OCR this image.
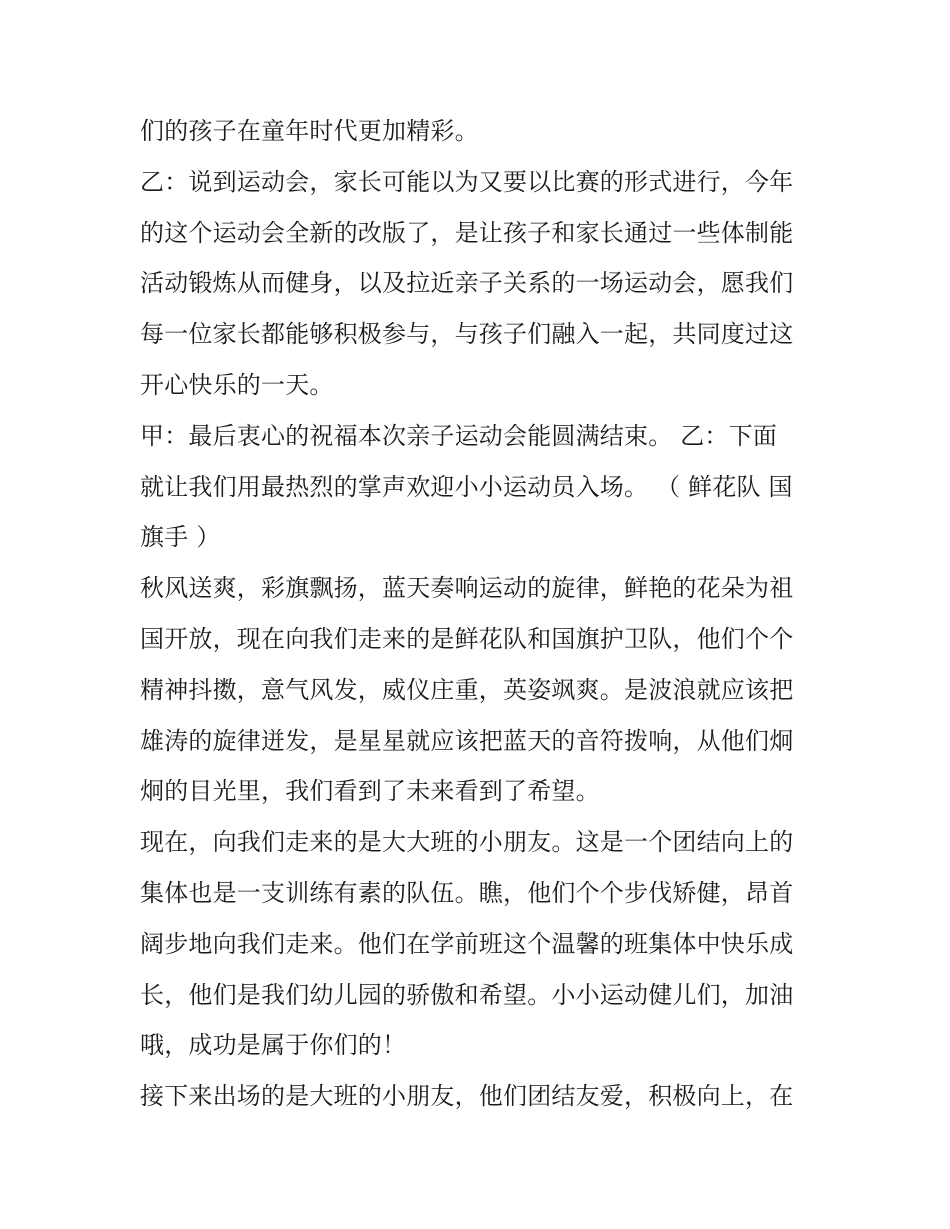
们的孩子在童年时代更加精彩。
乙：说到运动会，家长可能以为又要以比赛的形式进行，今年
的这个运动会全新的改版了，是让孩子和家长通过一些体制能
活动锻炼从而健身，以及拉近亲子关系的一场运动会，愿我们
每一位家长都能够积极参与，与孩子们融入一起，共同度过这
开心快乐的一天。
甲：最后衷心的祝福本次亲子运动会能圆满结束。 乙：下面
就让我们用最热烈的掌声欢迎小小运动员入场。 （ 鲜花队 国
旗手 ）
秋风送爽，彩旗飘扬，蓝天奏响运动的旋律，鲜艳的花朵为祖
国开放，现在向我们走来的是鲜花队和国旗护卫队，他们个个
精神抖擞，意气风发，威仪庄重，英姿飒爽。是波浪就应该把
雄涛的旋律迸发，是星星就应该把蓝天的音符拨响，从他们炯
炯的目光里，我们看到了未来看到了希望。
现在，向我们走来的是大大班的小朋友。这是一个团结向上的
集体也是一支训练有素的队伍。瞧，他们个个步伐矫健，昂首
阔步地向我们走来。他们在学前班这个温馨的班集体中快乐成
长，他们是我们幼儿园的骄傲和希望。小小运动健儿们，加油
哦，成功是属于你们的！
接下来出场的是大班的小朋友，他们团结友爱，积极向上，在
